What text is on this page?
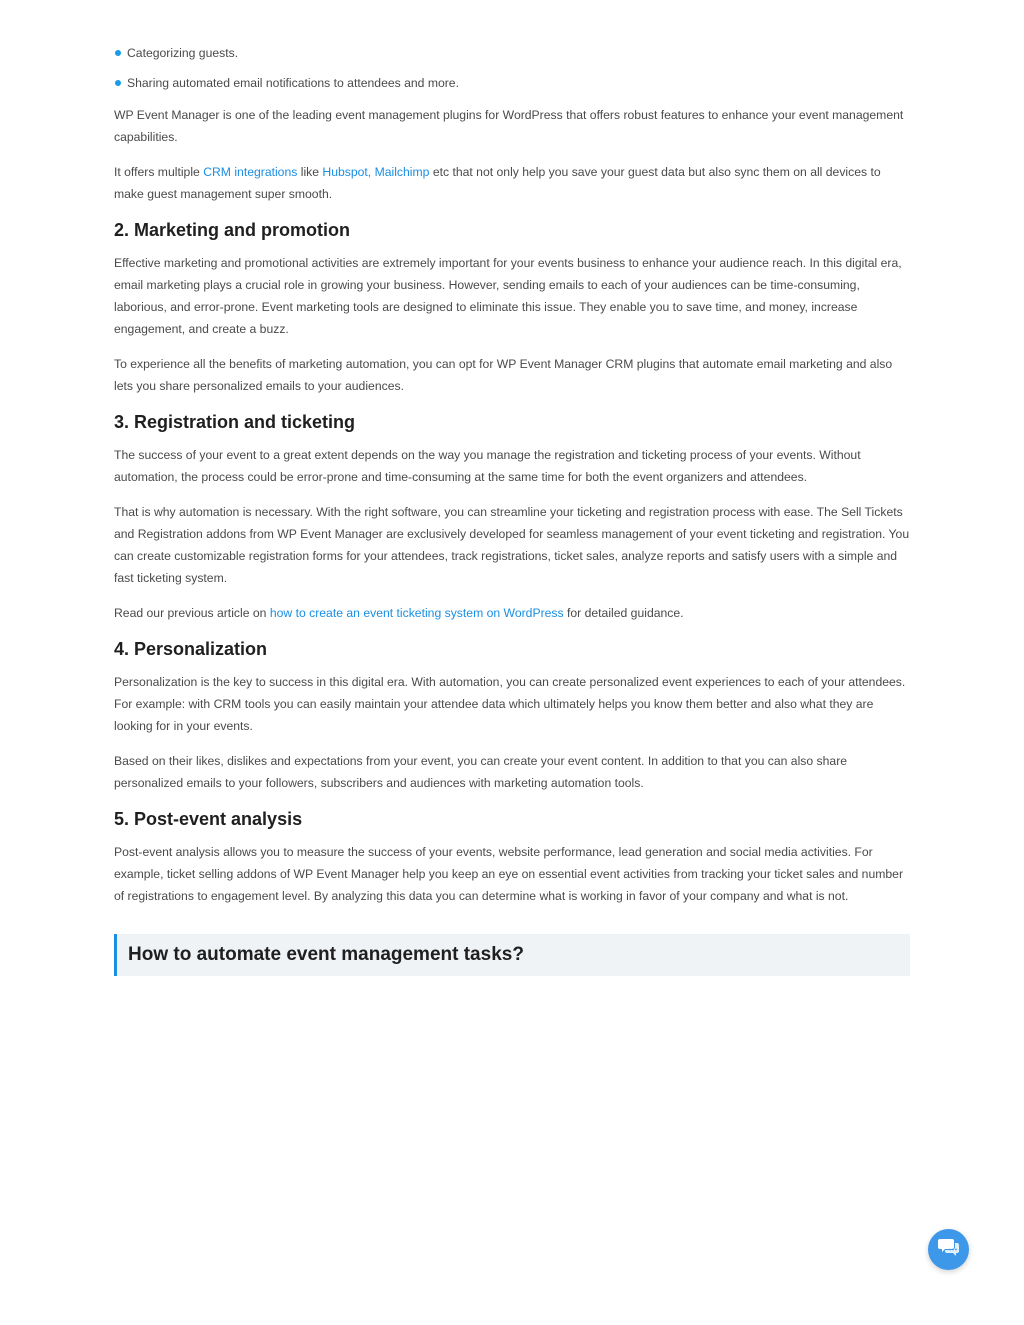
Categorizing guests.
Sharing automated email notifications to attendees and more.

WP Event Manager is one of the leading event management plugins for WordPress that offers robust features to enhance your event management capabilities.

It offers multiple CRM integrations like Hubspot, Mailchimp etc that not only help you save your guest data but also sync them on all devices to make guest management super smooth.

2. Marketing and promotion

Effective marketing and promotional activities are extremely important for your events business to enhance your audience reach. In this digital era, email marketing plays a crucial role in growing your business. However, sending emails to each of your audiences can be time-consuming, laborious, and error-prone. Event marketing tools are designed to eliminate this issue. They enable you to save time, and money, increase engagement, and create a buzz.

To experience all the benefits of marketing automation, you can opt for WP Event Manager CRM plugins that automate email marketing and also lets you share personalized emails to your audiences.

3. Registration and ticketing

The success of your event to a great extent depends on the way you manage the registration and ticketing process of your events. Without automation, the process could be error-prone and time-consuming at the same time for both the event organizers and attendees.

That is why automation is necessary. With the right software, you can streamline your ticketing and registration process with ease. The Sell Tickets and Registration addons from WP Event Manager are exclusively developed for seamless management of your event ticketing and registration. You can create customizable registration forms for your attendees, track registrations, ticket sales, analyze reports and satisfy users with a simple and fast ticketing system.

Read our previous article on how to create an event ticketing system on WordPress for detailed guidance.

4. Personalization

Personalization is the key to success in this digital era. With automation, you can create personalized event experiences to each of your attendees. For example: with CRM tools you can easily maintain your attendee data which ultimately helps you know them better and also what they are looking for in your events.

Based on their likes, dislikes and expectations from your event, you can create your event content. In addition to that you can also share personalized emails to your followers, subscribers and audiences with marketing automation tools.

5. Post-event analysis

Post-event analysis allows you to measure the success of your events, website performance, lead generation and social media activities. For example, ticket selling addons of WP Event Manager help you keep an eye on essential event activities from tracking your ticket sales and number of registrations to engagement level. By analyzing this data you can determine what is working in favor of your company and what is not.

How to automate event management tasks?
